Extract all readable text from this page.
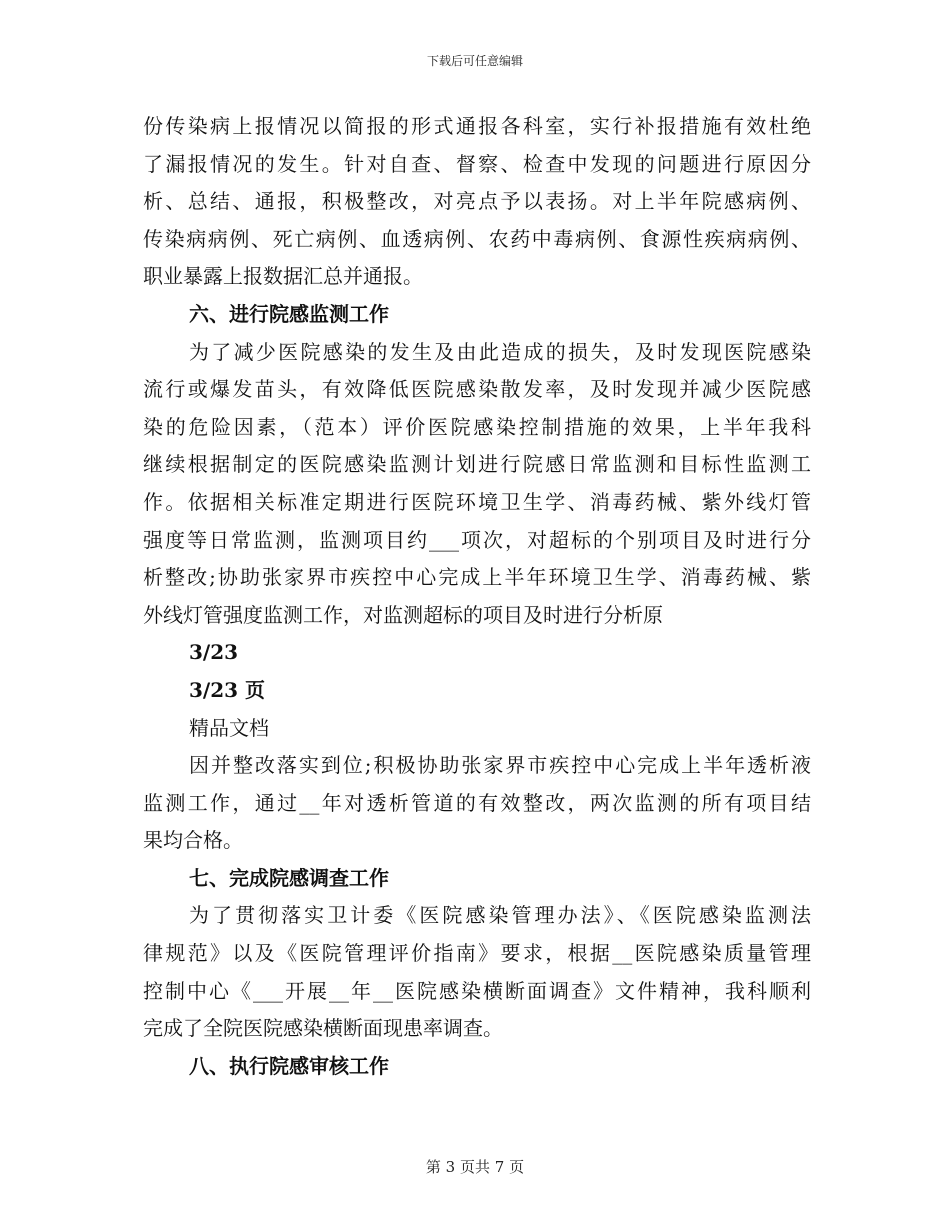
下载后可任意编辑
份传染病上报情况以简报的形式通报各科室，实行补报措施有效杜绝
了漏报情况的发生。针对自查、督察、检查中发现的问题进行原因分
析、总结、通报，积极整改，对亮点予以表扬。对上半年院感病例、
传染病病例、死亡病例、血透病例、农药中毒病例、食源性疾病病例、
职业暴露上报数据汇总并通报。
六、进行院感监测工作
为了减少医院感染的发生及由此造成的损失，及时发现医院感染
流行或爆发苗头，有效降低医院感染散发率，及时发现并减少医院感
染的危险因素，（范本）评价医院感染控制措施的效果，上半年我科
继续根据制定的医院感染监测计划进行院感日常监测和目标性监测工
作。依据相关标准定期进行医院环境卫生学、消毒药械、紫外线灯管
强度等日常监测，监测项目约___项次，对超标的个别项目及时进行分
析整改;协助张家界市疾控中心完成上半年环境卫生学、消毒药械、紫
外线灯管强度监测工作，对监测超标的项目及时进行分析原
3/23
3/23 页
精品文档
因并整改落实到位;积极协助张家界市疾控中心完成上半年透析液
监测工作，通过__年对透析管道的有效整改，两次监测的所有项目结
果均合格。
七、完成院感调查工作
为了贯彻落实卫计委《医院感染管理办法》、《医院感染监测法
律规范》以及《医院管理评价指南》要求，根据__医院感染质量管理
控制中心《___开展__年__医院感染横断面调查》文件精神，我科顺利
完成了全院医院感染横断面现患率调查。
八、执行院感审核工作
第 3 页共 7 页
